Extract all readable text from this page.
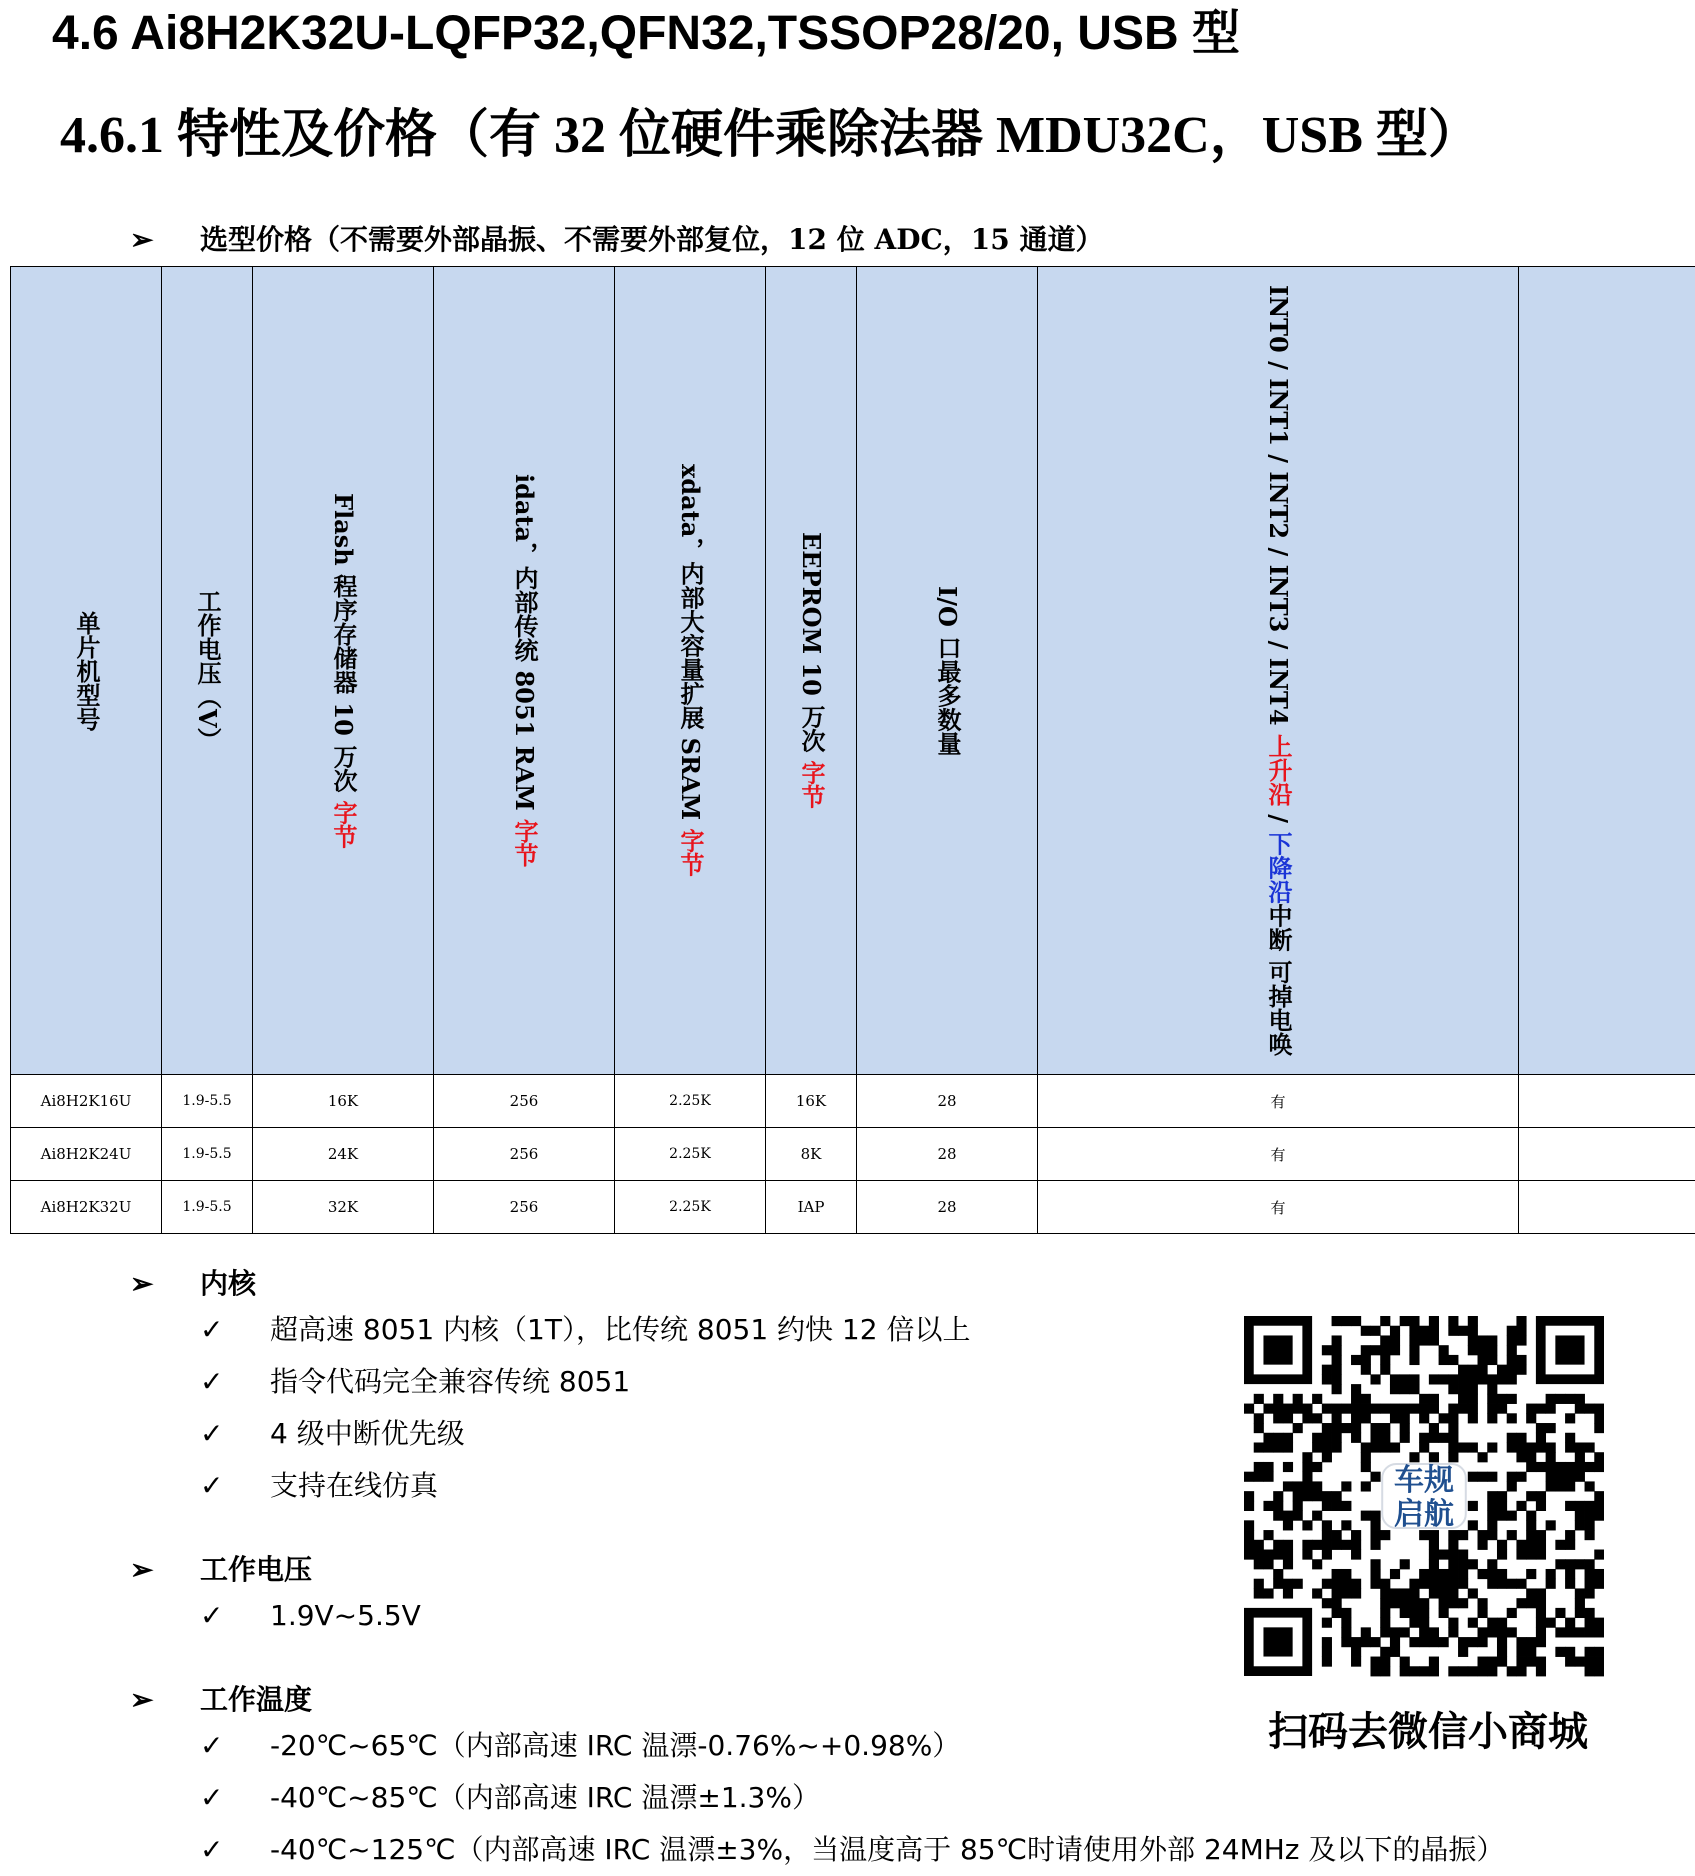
4.6 Ai8H2K32U-LQFP32,QFN32,TSSOP28/20, USB 型
4.6.1 特性及价格（有 32 位硬件乘除法器 MDU32C，USB 型）
➢ 选型价格（不需要外部晶振、不需要外部复位，12 位 ADC，15 通道）
单片机型号	工作电压（V）	Flash 程序存储器 10 万次 字节	idata，内部传统 8051 RAM 字节	xdata，内部大容量扩展 SRAM 字节	EEPROM 10 万次 字节	I/O 口最多数量	INT0 / INT1 / INT2 / INT3 / INT4 上升沿 / 下降沿中断 可掉电唤

Ai8H2K16U	1.9-5.5	16K	256	2.25K	16K	28	有																												
Ai8H2K24U	1.9-5.5	24K	256	2.25K	8K	28	有																												
Ai8H2K32U	1.9-5.5	32K	256	2.25K	IAP	28	有																												
➢ 内核
✓ 超高速 8051 内核（1T），比传统 8051 约快 12 倍以上
✓ 指令代码完全兼容传统 8051
✓ 4 级中断优先级
✓ 支持在线仿真
➢ 工作电压
✓ 1.9V~5.5V
➢ 工作温度
✓ -20℃~65℃（内部高速 IRC 温漂-0.76%~+0.98%）
✓ -40℃~85℃（内部高速 IRC 温漂±1.3%）
✓ -40℃~125℃（内部高速 IRC 温漂±3%，当温度高于 85℃时请使用外部 24MHz 及以下的晶振）
车规
启航
扫码去微信小商城
